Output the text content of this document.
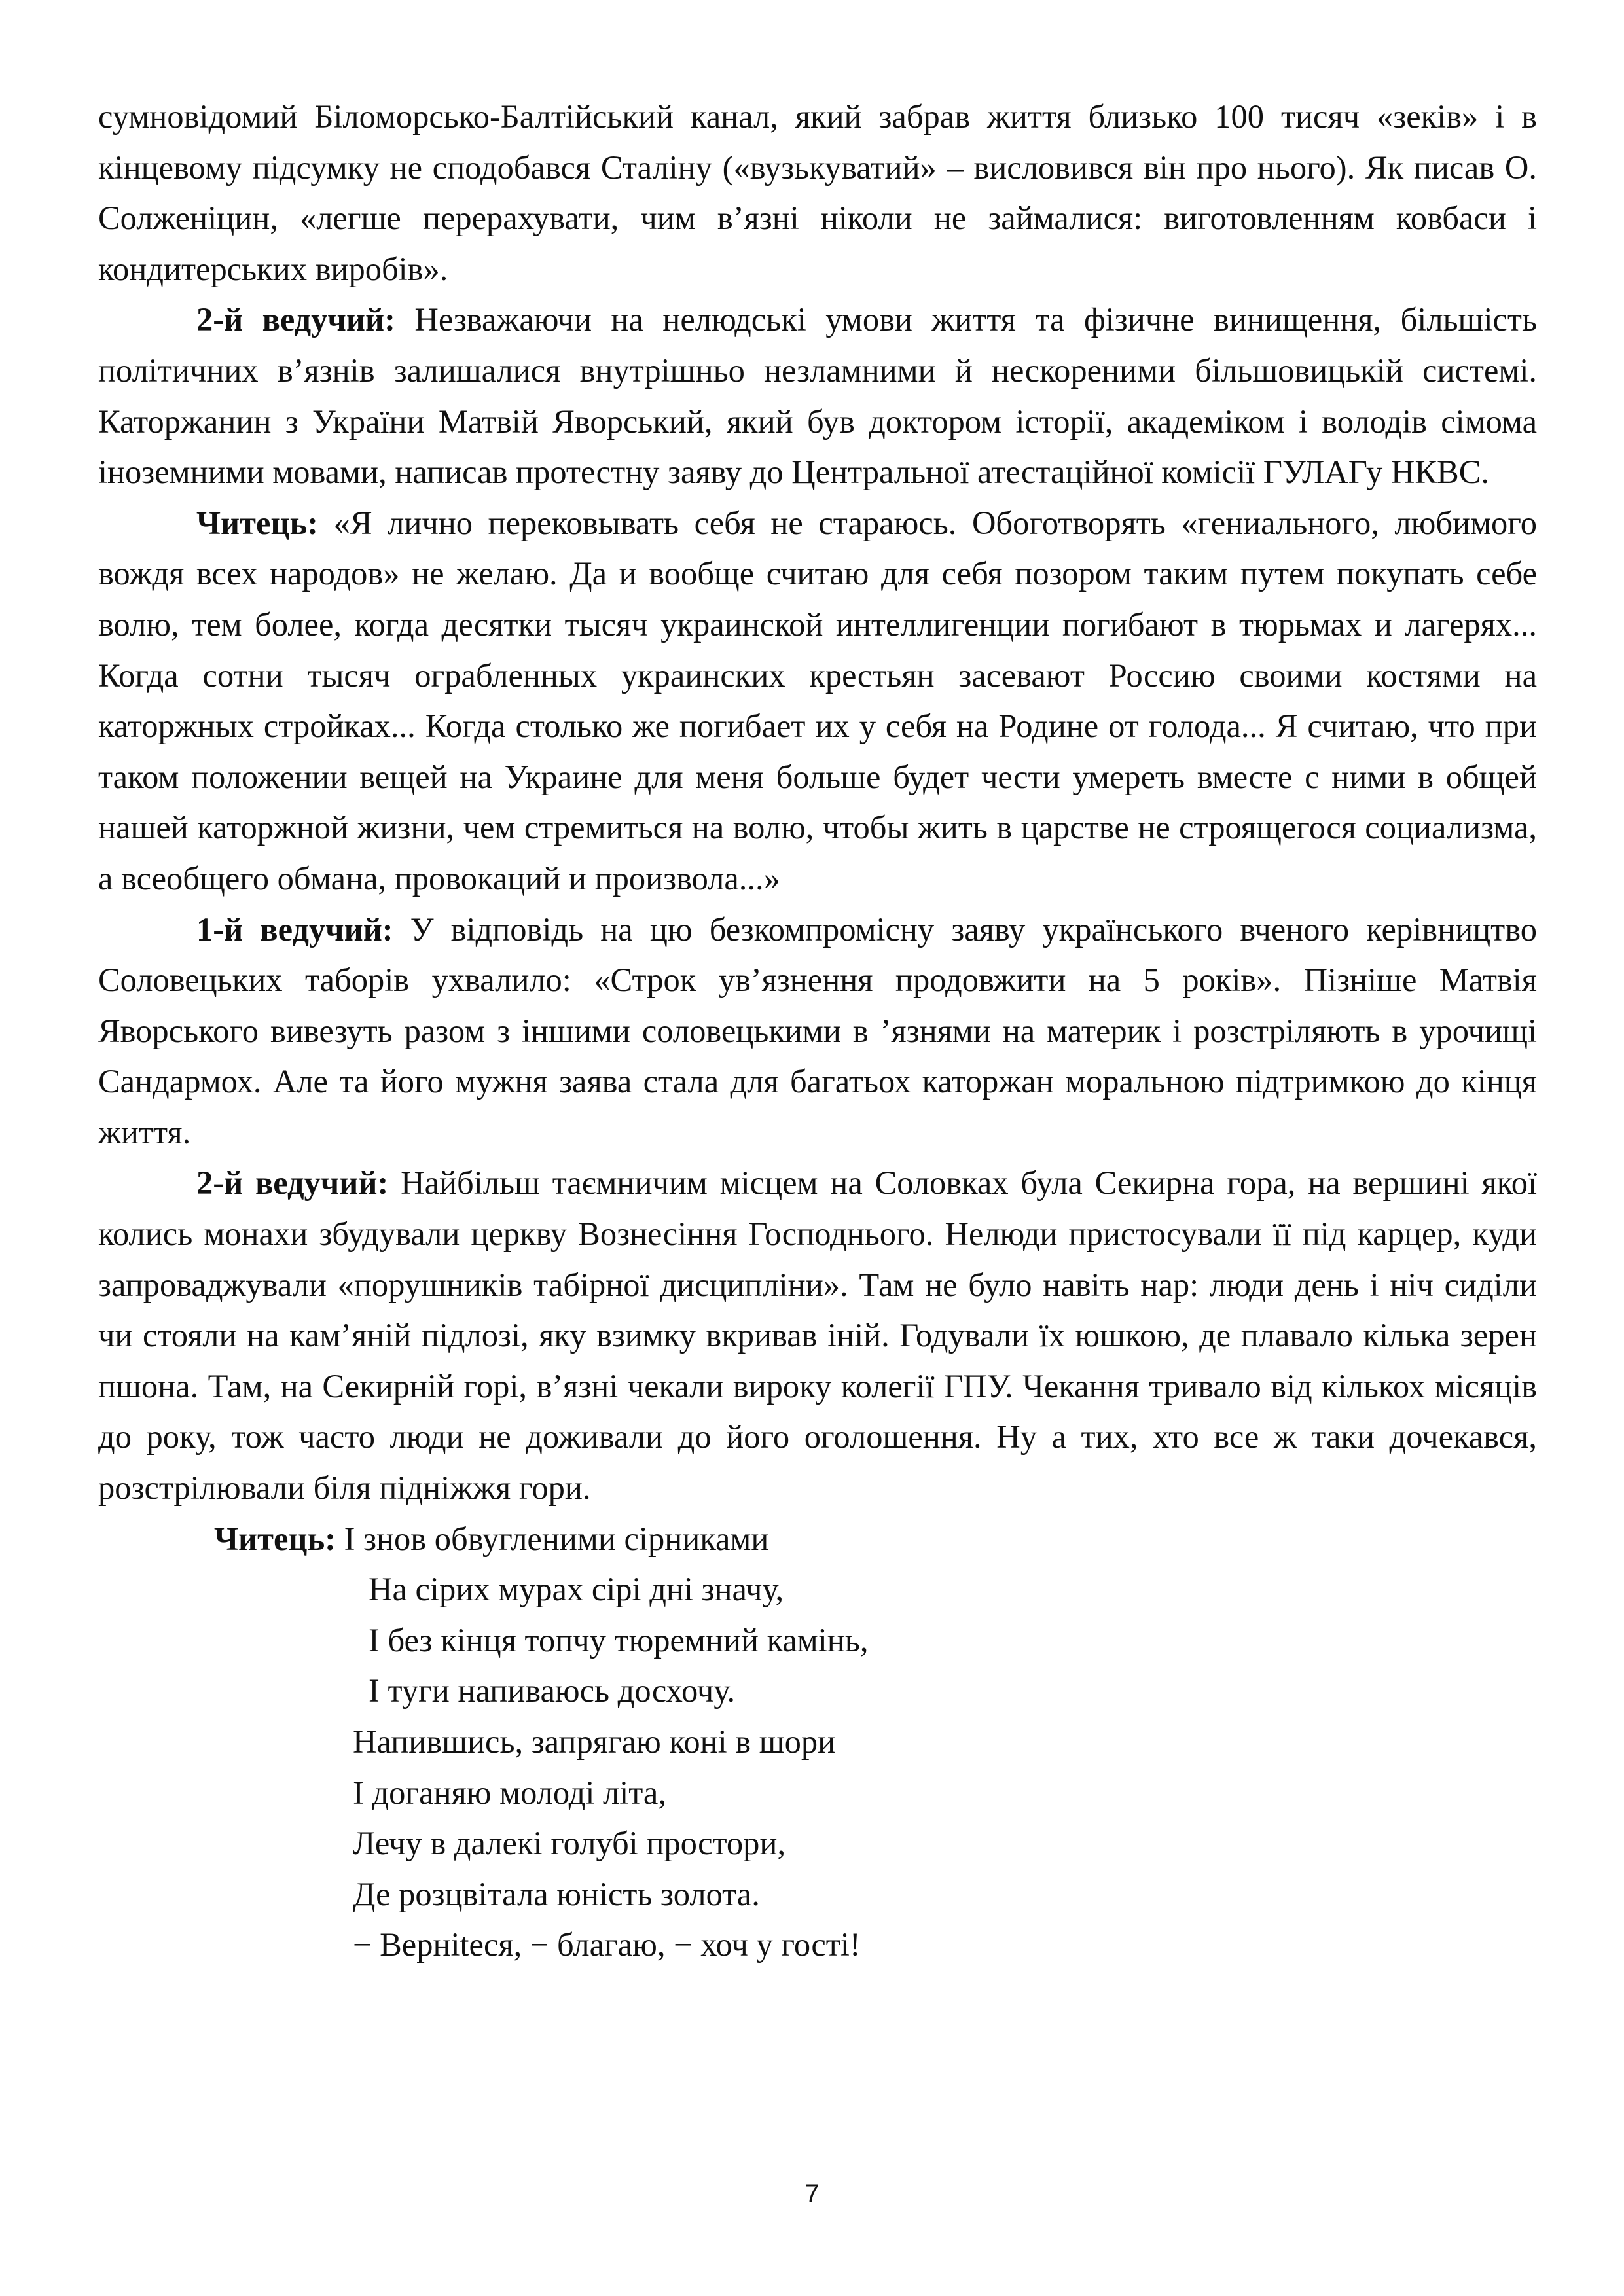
сумновідомий Біломорсько-Балтійський канал, який забрав життя близько 100 тисяч «зеків» і в кінцевому підсумку не сподобався Сталіну («вузькуватий» – висловився він про нього). Як писав О. Солженіцин, «легше перерахувати, чим в’язні ніколи не займалися: виготовленням ковбаси і кондитерських виробів».

2-й ведучий: Незважаючи на нелюдські умови життя та фізичне винищення, більшість політичних в’язнів залишалися внутрішньо незламними й нескореними більшовицькій системі. Каторжанин з України Матвій Яворський, який був доктором історії, академіком і володів сімома іноземними мовами, написав протестну заяву до Центральної атестаційної комісії ГУЛАГу НКВС.

Читець: «Я лично перековывать себя не стараюсь. Обоготворять «гениального, любимого вождя всех народов» не желаю. Да и вообще считаю для себя позором таким путем покупать себе волю, тем более, когда десятки тысяч украинской интеллигенции погибают в тюрьмах и лагерях... Когда сотни тысяч ограбленных украинских крестьян засевают Россию своими костями на каторжных стройках... Когда столько же погибает их у себя на Родине от голода... Я считаю, что при таком положении вещей на Украине для меня больше будет чести умереть вместе с ними в общей нашей каторжной жизни, чем стремиться на волю, чтобы жить в царстве не строящегося социализма, а всеобщего обмана, провокаций и произвола...»

1-й ведучий: У відповідь на цю безкомпромісну заяву українського вченого керівництво Соловецьких таборів ухвалило: «Строк ув’язнення продовжити на 5 років». Пізніше Матвія Яворського вивезуть разом з іншими соловецькими в ’язнями на материк і розстріляють в урочищі Сандармох. Але та його мужня заява стала для багатьох каторжан моральною підтримкою до кінця життя.

2-й ведучий: Найбільш таємничим місцем на Соловках була Секирна гора, на вершині якої колись монахи збудували церкву Вознесіння Господнього. Нелюди пристосували її під карцер, куди запроваджували «порушників табірної дисципліни». Там не було навіть нар: люди день і ніч сиділи чи стояли на кам’яній підлозі, яку взимку вкривав іній. Годували їх юшкою, де плавало кілька зерен пшона. Там, на Секирній горі, в’язні чекали вироку колегії ГПУ. Чекання тривало від кількох місяців до року, тож часто люди не доживали до його оголошення. Ну а тих, хто все ж таки дочекався, розстрілювали біля підніжжя гори.

Читець: І знов обвугленими сірниками
На сірих мурах сірі дні значу,
І без кінця топчу тюремний камінь,
І туги напиваюсь досхочу.
Напившись, запрягаю коні в шори
І доганяю молоді літа,
Лечу в далекі голубі простори,
Де розцвітала юність золота.
− Верніteся, − благаю, − хоч у гості!
7
